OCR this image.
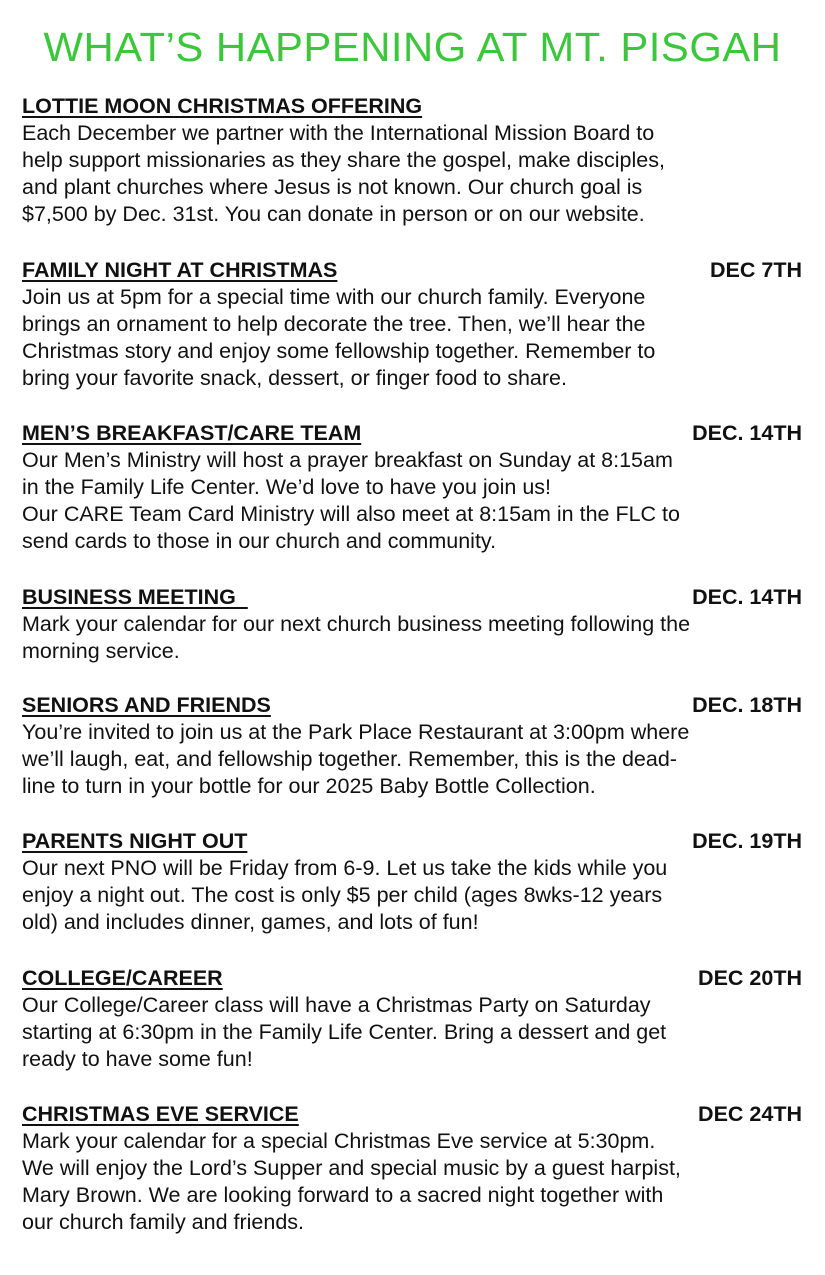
WHAT’S HAPPENING AT MT. PISGAH
LOTTIE MOON CHRISTMAS OFFERING
Each December we partner with the International Mission Board to
help support missionaries as they share the gospel, make disciples,
and plant churches where Jesus is not known. Our church goal is
$7,500 by Dec. 31st. You can donate in person or on our website.
FAMILY NIGHT AT CHRISTMAS	DEC 7TH
Join us at 5pm for a special time with our church family. Everyone
brings an ornament to help decorate the tree. Then, we’ll hear the
Christmas story and enjoy some fellowship together. Remember to
bring your favorite snack, dessert, or finger food to share.
MEN’S BREAKFAST/CARE TEAM	DEC. 14TH
Our Men’s Ministry will host a prayer breakfast on Sunday at 8:15am
in the Family Life Center. We’d love to have you join us!
Our CARE Team Card Ministry will also meet at 8:15am in the FLC to
send cards to those in our church and community.
BUSINESS MEETING	DEC. 14TH
Mark your calendar for our next church business meeting following the
morning service.
SENIORS AND FRIENDS	DEC. 18TH
You’re invited to join us at the Park Place Restaurant at 3:00pm where
we’ll laugh, eat, and fellowship together. Remember, this is the dead-
line to turn in your bottle for our 2025 Baby Bottle Collection.
PARENTS NIGHT OUT	DEC. 19TH
Our next PNO will be Friday from 6-9. Let us take the kids while you
enjoy a night out. The cost is only $5 per child (ages 8wks-12 years
old) and includes dinner, games, and lots of fun!
COLLEGE/CAREER	DEC 20TH
Our College/Career class will have a Christmas Party on Saturday
starting at 6:30pm in the Family Life Center. Bring a dessert and get
ready to have some fun!
CHRISTMAS EVE SERVICE	DEC 24TH
Mark your calendar for a special Christmas Eve service at 5:30pm.
We will enjoy the Lord’s Supper and special music by a guest harpist,
Mary Brown. We are looking forward to a sacred night together with
our church family and friends.
